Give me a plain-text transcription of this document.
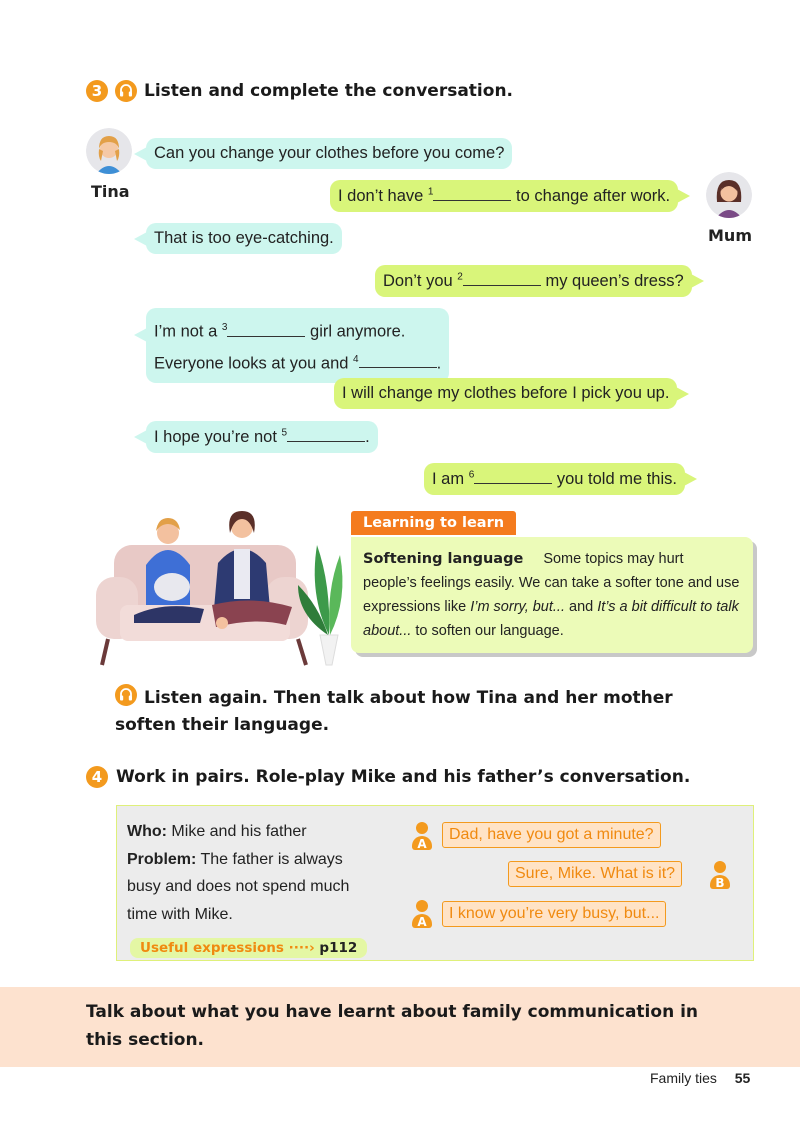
3	Listen and complete the conversation.
Tina
Mum
Can you change your clothes before you come?
I don’t have $^1$	to change after work.
That is too eye-catching.
Don’t you $^2$	my queen’s dress?
I’m not a $^3$	girl anymore.
Everyone looks at you and $^4$	.
I will change my clothes before I pick you up.
I hope you’re not $^5$	.
I am $^6$	you told me this.
Learning to learn
Softening language Some topics may hurt people’s feelings easily. We can take a softer tone and use expressions like I’m sorry, but... and It’s a bit difficult to talk about... to soften our language.
Listen again. Then talk about how Tina and her mother soften their language.
4 Work in pairs. Role-play Mike and his father’s conversation.
Who: Mike and his father
Problem: The father is always busy and does not spend much time with Mike.
Useful expressions ····› p112
A
Dad, have you got a minute?
Sure, Mike. What is it?
B
A	I know you’re very busy, but...
Talk about what you have learnt about family communication in this section.
Family ties 55
